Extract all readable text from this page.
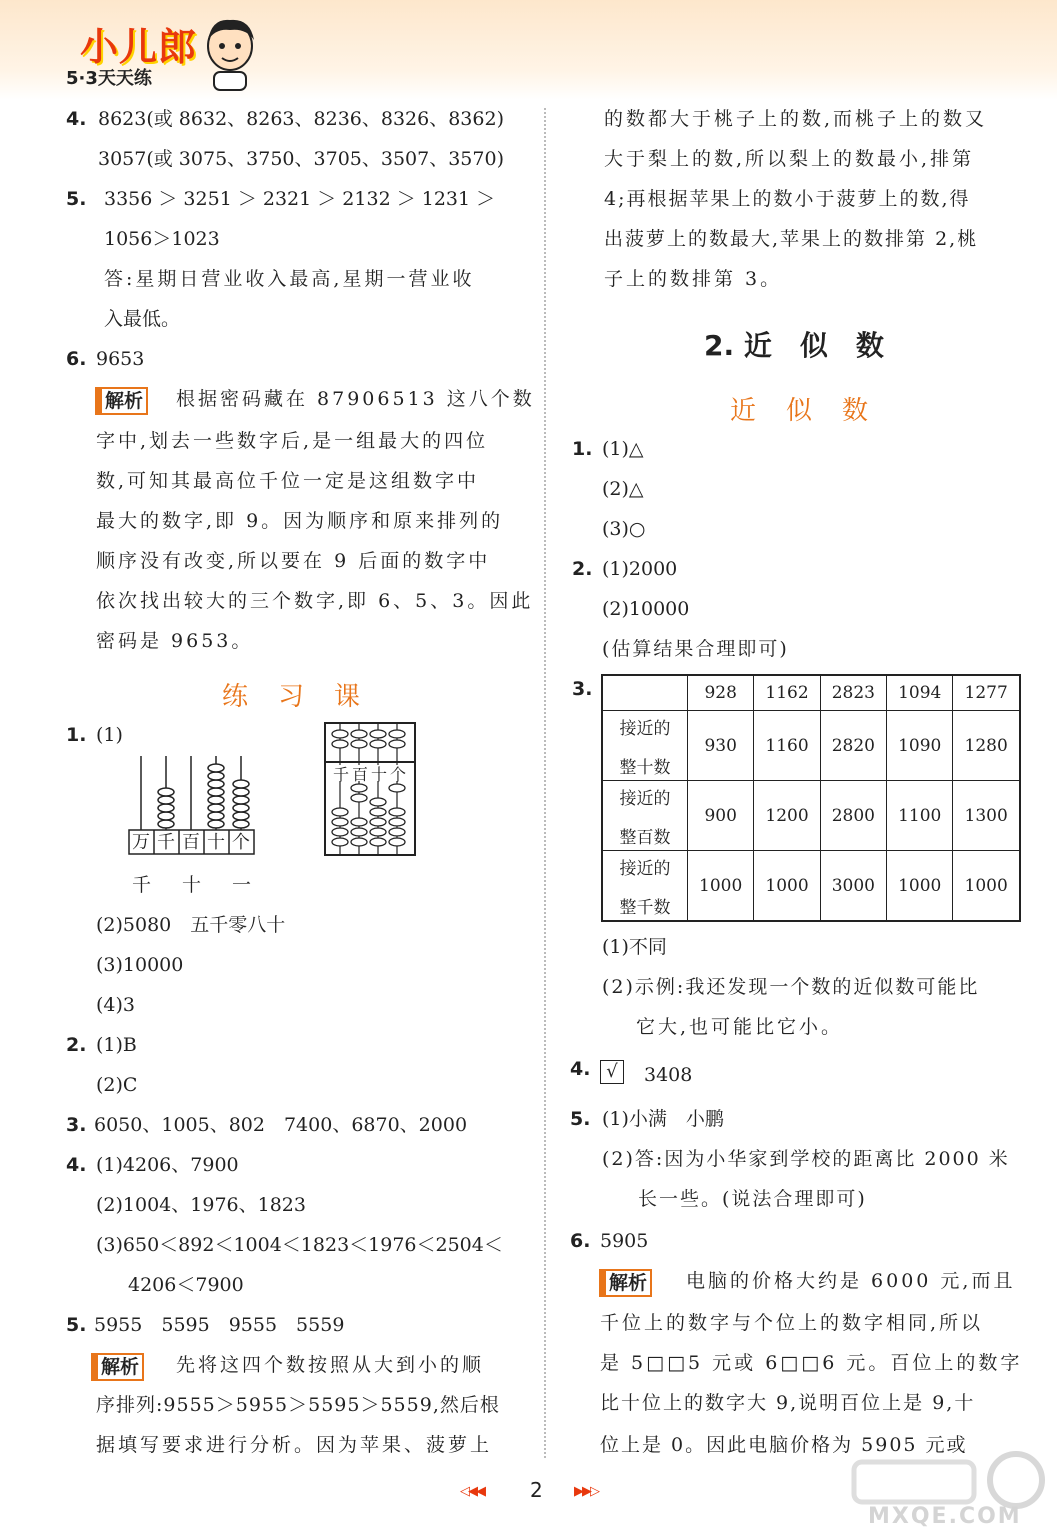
小儿郎
5·3天天练
4. 8623(或 8632、8263、8236、8326、8362)
3057(或 3075、3750、3705、3507、3570)
5. 3356 ＞ 3251 ＞ 2321 ＞ 2132 ＞ 1231 ＞
1056＞1023
答:星期日营业收入最高,星期一营业收
入最低。
6. 9653
解析 根据密码藏在 87906513 这八个数
字中,划去一些数字后,是一组最大的四位
数,可知其最高位千位一定是这组数字中
最大的数字,即 9。因为顺序和原来排列的
顺序没有改变,所以要在 9 后面的数字中
依次找出较大的三个数字,即 6、5、3。因此
密码是 9653。
练习课
1. (1)
万 千 百 十 个
千 百 十 个
千　十　一
(2)5080　五千零八十
(3)10000
(4)3
2. (1)B
(2)C
3. 6050、1005、802　7400、6870、2000
4. (1)4206、7900
(2)1004、1976、1823
(3)650＜892＜1004＜1823＜1976＜2504＜
4206＜7900
5. 5955　5595　9555　5559
解析 先将这四个数按照从大到小的顺
序排列:9555＞5955＞5595＞5559,然后根
据填写要求进行分析。因为苹果、菠萝上
的数都大于桃子上的数,而桃子上的数又
大于梨上的数,所以梨上的数最小,排第
4;再根据苹果上的数小于菠萝上的数,得
出菠萝上的数最大,苹果上的数排第 2,桃
子上的数排第 3。
2. 近　似　数
近似数
1. (1)△
(2)△
(3)○
2. (1)2000
(2)10000
(估算结果合理即可)
3.
		928	1162	2823	1094	1277

接近的
整十数	930	1160	2820	1090	1280

接近的
整百数	900	1200	2800	1100	1300

接近的
整千数	1000	1000	3000	1000	1000
(1)不同
(2)示例:我还发现一个数的近似数可能比
它大,也可能比它小。
4. √	3408
5. (1)小满　小鹏
(2)答:因为小华家到学校的距离比 2000 米
长一些。(说法合理即可)
6. 5905
解析 电脑的价格大约是 6000 元,而且
千位上的数字与个位上的数字相同,所以
是 5□□5 元或 6□□6 元。百位上的数字
比十位上的数字大 9,说明百位上是 9,十
位上是 0。因此电脑价格为 5905 元或
◁◀◀ 2 ▶▶▷
MXQE.COM
